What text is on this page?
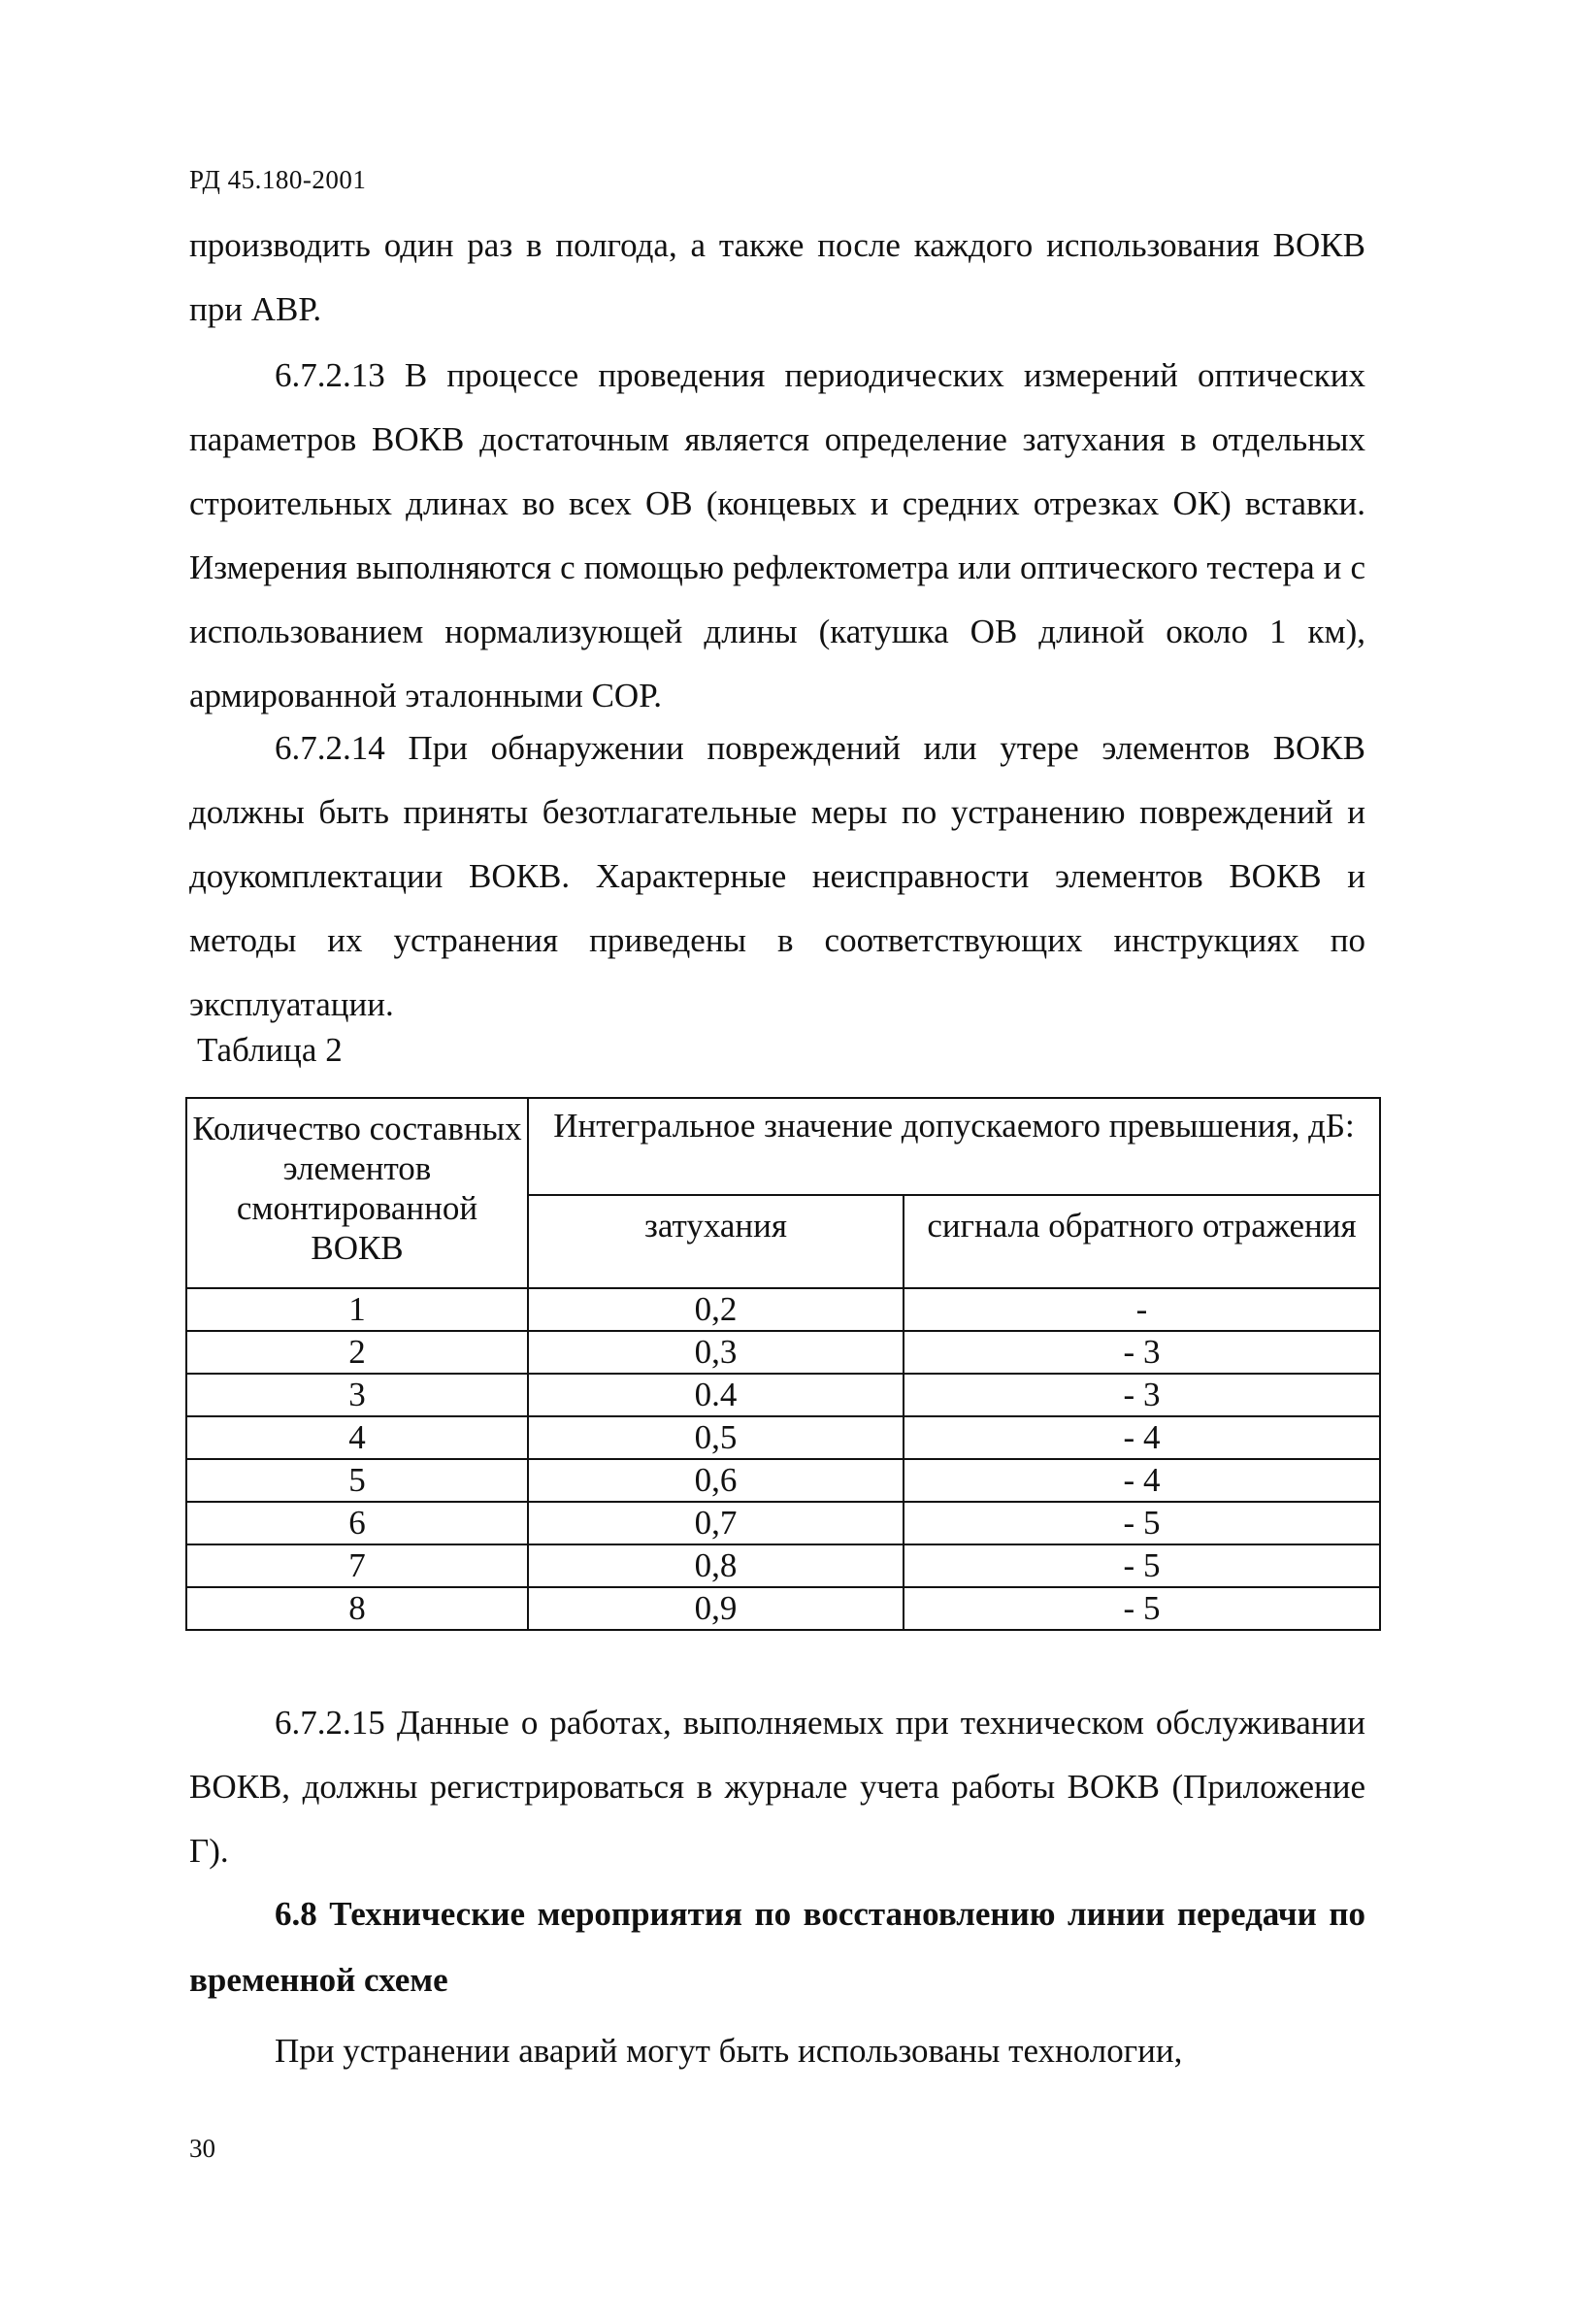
РД 45.180-2001

производить один раз в полгода, а также после каждого использования ВОКВ при АВР.

6.7.2.13 В процессе проведения периодических измерений оптических параметров ВОКВ достаточным является определение затухания в отдельных строительных длинах во всех ОВ (концевых и средних отрезках ОК) вставки. Измерения выполняются с помощью рефлектометра или оптического тестера и с использованием нормализующей длины (катушка ОВ длиной около 1 км), армированной эталонными СОР.

6.7.2.14 При обнаружении повреждений или утере элементов ВОКВ должны быть приняты безотлагательные меры по устранению повреждений и доукомплектации ВОКВ. Характерные неисправности элементов ВОКВ и методы их устранения приведены в соответствующих инструкциях по эксплуатации.

Таблица 2
Количество составных элементов смонтированной ВОКВ	Интегральное значение допускаемого превышения, дБ:	
	затухания	сигнала обратного отражения
1	0,2	-
2	0,3	- 3
3	0.4	- 3
4	0,5	- 4
5	0,6	- 4
6	0,7	- 5
7	0,8	- 5
8	0,9	- 5

6.7.2.15 Данные о работах, выполняемых при техническом обслуживании ВОКВ, должны регистрироваться в журнале учета работы ВОКВ (Приложение Г).

6.8 Технические мероприятия по восстановлению линии передачи по временной схеме

При устранении аварий могут быть использованы технологии,

30
